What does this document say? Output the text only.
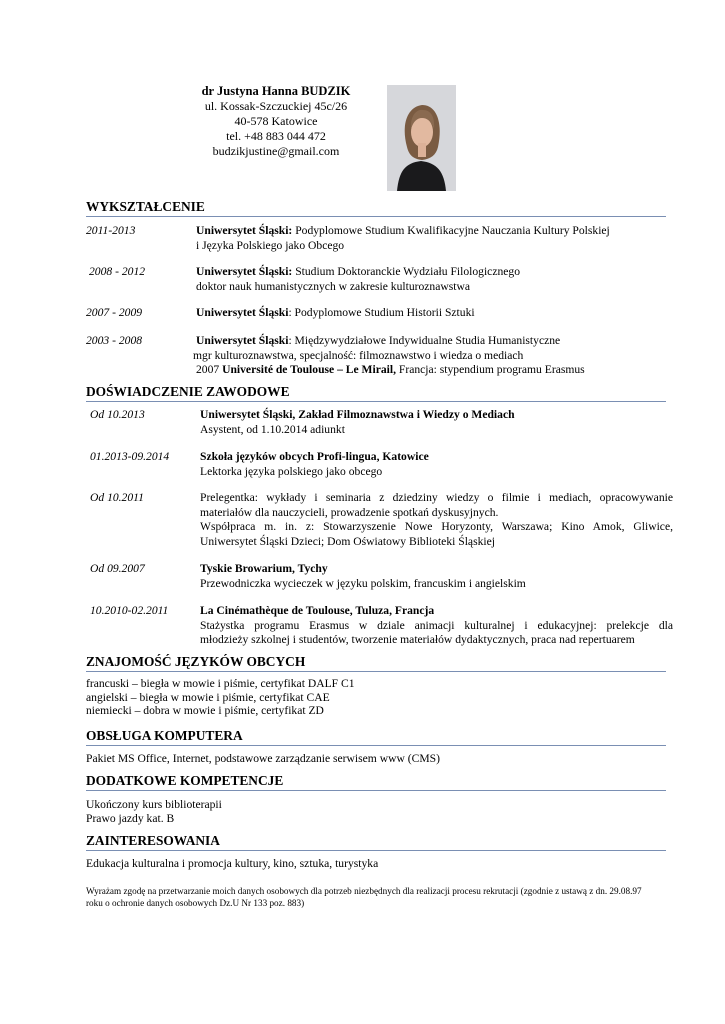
dr Justyna Hanna BUDZIK
ul. Kossak-Szczuckiej 45c/26
40-578 Katowice
tel. +48 883 044 472
budzikjustine@gmail.com
WYKSZTAŁCENIE
2011-2013	Uniwersytet Śląski: Podyplomowe Studium Kwalifikacyjne Nauczania Kultury Polskiej
i Języka Polskiego jako Obcego
2008 - 2012	Uniwersytet Śląski: Studium Doktoranckie Wydziału Filologicznego
doktor nauk humanistycznych w zakresie kulturoznawstwa
2007 - 2009	Uniwersytet Śląski: Podyplomowe Studium Historii Sztuki
2003 - 2008	Uniwersytet Śląski: Międzywydziałowe Indywidualne Studia Humanistyczne
mgr kulturoznawstwa, specjalność: filmoznawstwo i wiedza o mediach
2007 Université de Toulouse – Le Mirail, Francja: stypendium programu Erasmus
DOŚWIADCZENIE ZAWODOWE
Od 10.2013	Uniwersytet Śląski, Zakład Filmoznawstwa i Wiedzy o Mediach
Asystent, od 1.10.2014 adiunkt
01.2013-09.2014	Szkoła języków obcych Profi-lingua, Katowice
Lektorka języka polskiego jako obcego
Od 10.2011	Prelegentka: wykłady i seminaria z dziedziny wiedzy o filmie i mediach, opracowywanie
materiałów dla nauczycieli, prowadzenie spotkań dyskusyjnych.
Współpraca m. in. z: Stowarzyszenie Nowe Horyzonty, Warszawa; Kino Amok, Gliwice,
Uniwersytet Śląski Dzieci; Dom Oświatowy Biblioteki Śląskiej
Od 09.2007	Tyskie Browarium, Tychy
Przewodniczka wycieczek w języku polskim, francuskim i angielskim
10.2010-02.2011	La Cinémathèque de Toulouse, Tuluza, Francja
Stażystka programu Erasmus w dziale animacji kulturalnej i edukacyjnej: prelekcje dla
młodzieży szkolnej i studentów, tworzenie materiałów dydaktycznych, praca nad repertuarem
ZNAJOMOŚĆ JĘZYKÓW OBCYCH
francuski – biegła w mowie i piśmie, certyfikat DALF C1
angielski – biegła w mowie i piśmie, certyfikat CAE
niemiecki – dobra w mowie i piśmie, certyfikat ZD
OBSŁUGA KOMPUTERA
Pakiet MS Office, Internet, podstawowe zarządzanie serwisem www (CMS)
DODATKOWE KOMPETENCJE
Ukończony kurs biblioterapii
Prawo jazdy kat. B
ZAINTERESOWANIA
Edukacja kulturalna i promocja kultury, kino, sztuka, turystyka
Wyrażam zgodę na przetwarzanie moich danych osobowych dla potrzeb niezbędnych dla realizacji procesu rekrutacji (zgodnie z ustawą z dn. 29.08.97 roku o ochronie danych osobowych Dz.U Nr 133 poz. 883)
